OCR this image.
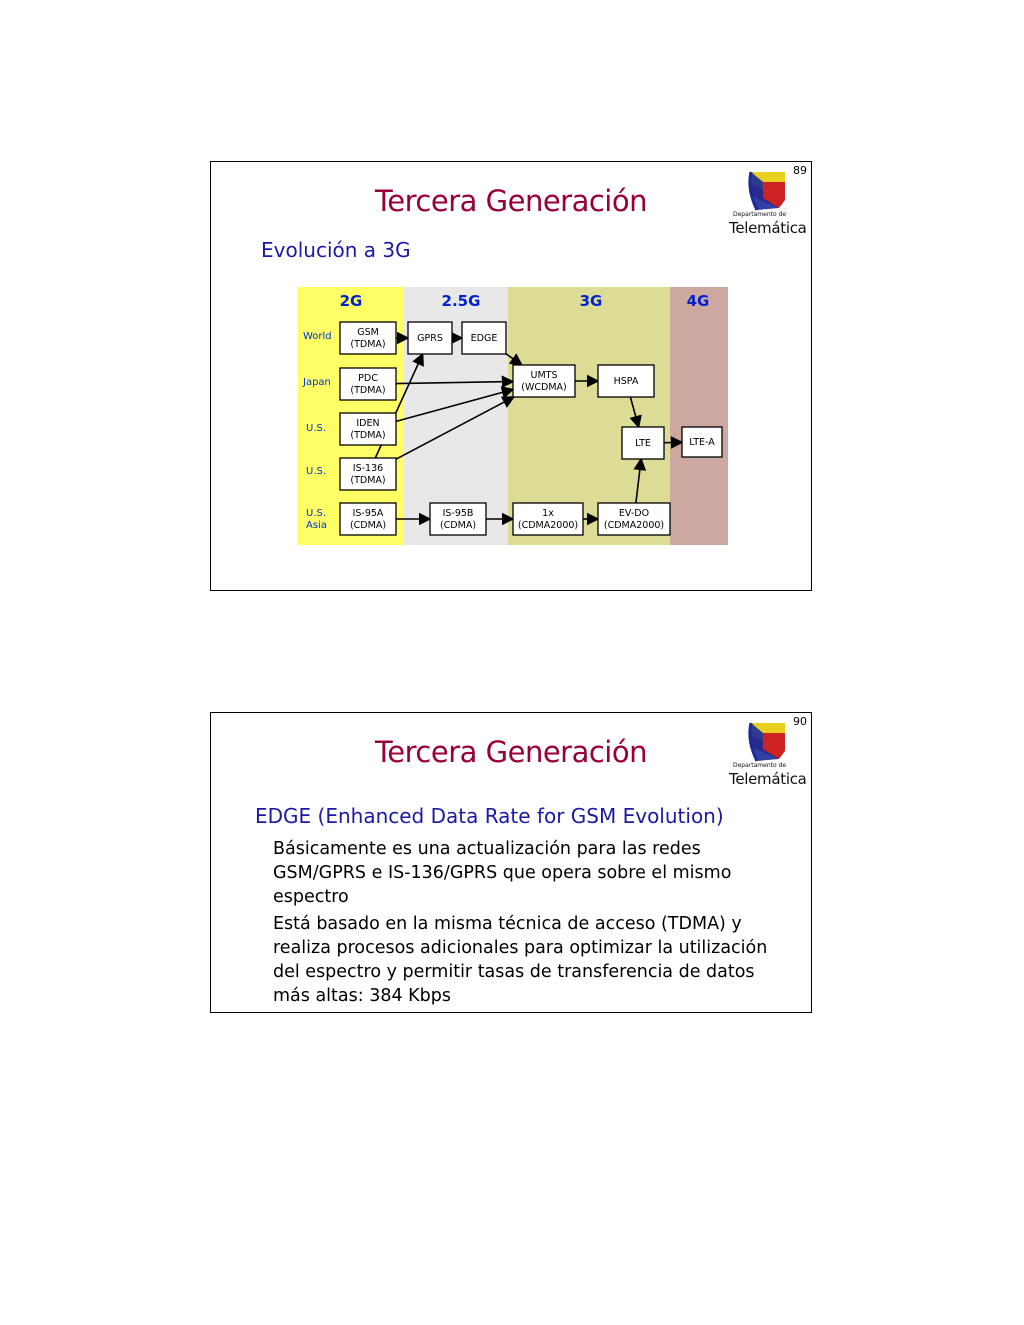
89
Tercera Generación
Evolución a 3G
Departamento de
Telemática
2G	2.5G	3G	4G
World
Japan
U.S.
U.S.
U.S.
Asia
GSM
(TDMA)
PDC
(TDMA)
IDEN
(TDMA)
IS-136
(TDMA)
IS-95A
(CDMA)
GPRS	EDGE
IS-95B
(CDMA)
UMTS
(WCDMA)
HSPA
LTE	LTE-A
1x
(CDMA2000)
EV-DO
(CDMA2000)
90
Tercera Generación	Departamento de
Telemática
EDGE (Enhanced Data Rate for GSM Evolution)

Básicamente es una actualización para las redes GSM/GPRS e IS-136/GPRS que opera sobre el mismo espectro

Está basado en la misma técnica de acceso (TDMA) y realiza procesos adicionales para optimizar la utilización del espectro y permitir tasas de transferencia de datos más altas: 384 Kbps
